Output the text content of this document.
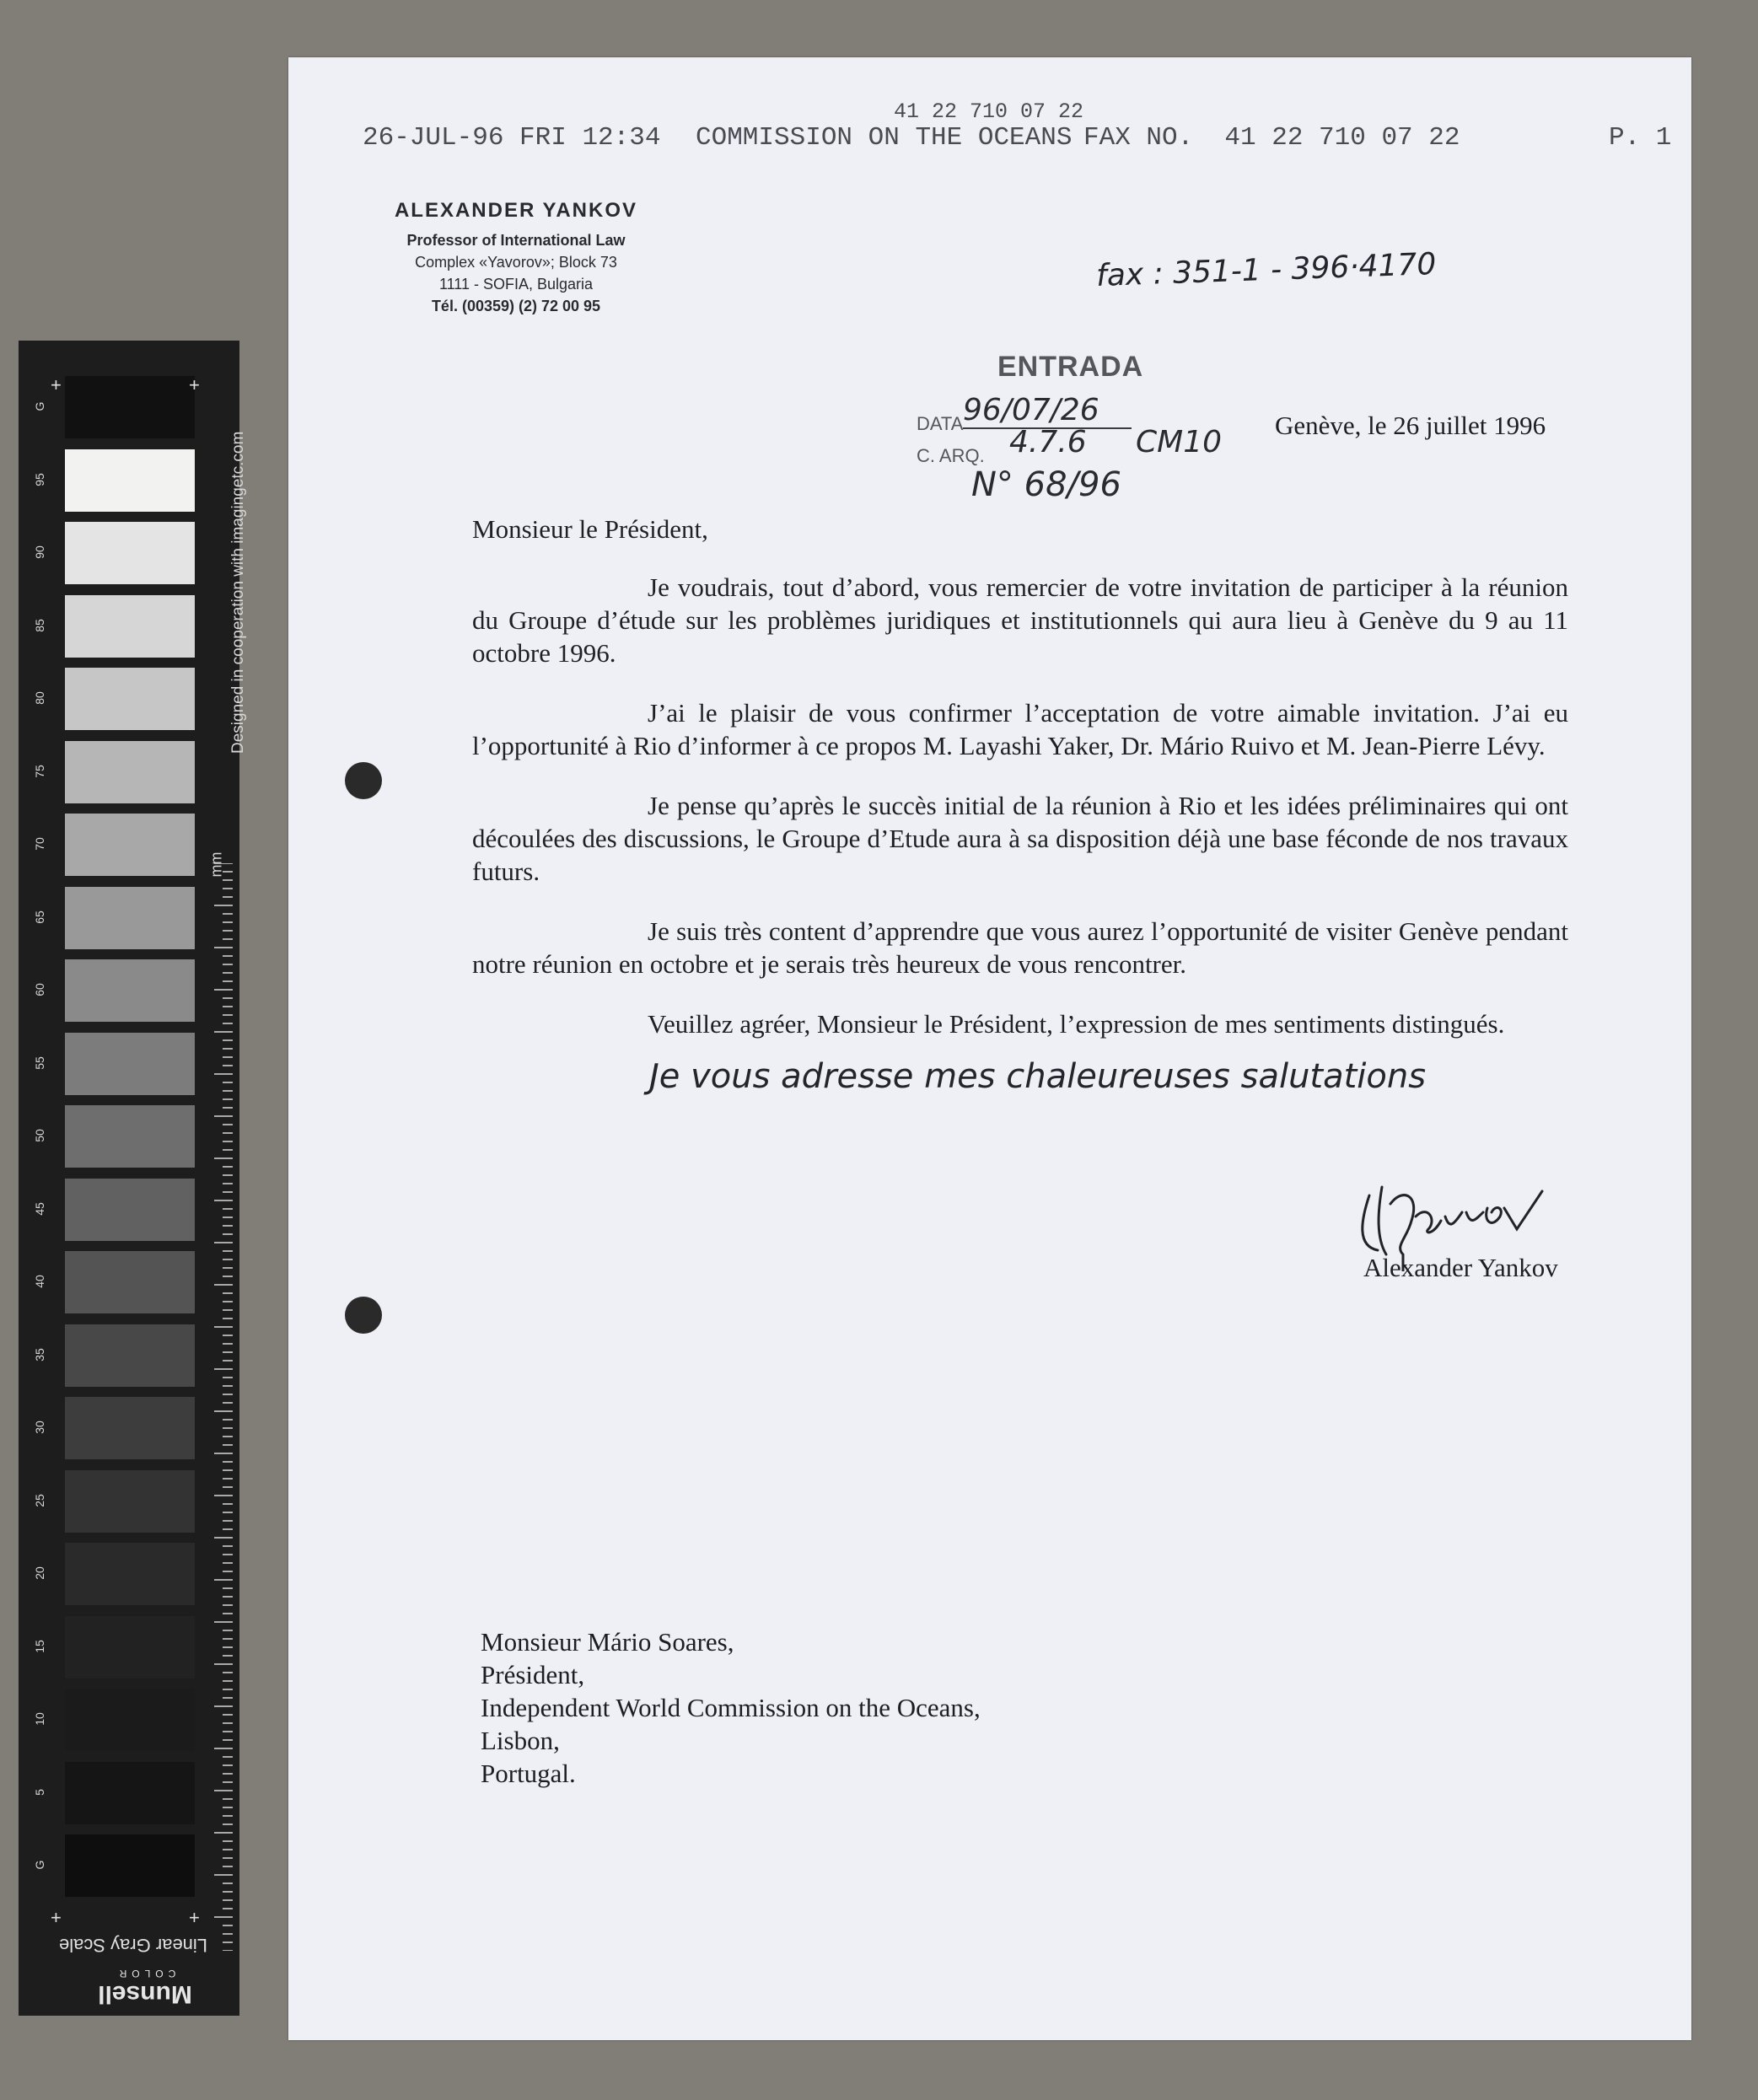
G
95
90
85
80
75
70
65
60
55
50
45
40
35
30
25
20
15
10
5
G
+	+
+	+
Designed in cooperation with imagingetc.com
mm
Linear Gray Scale
Munsell
COLOR
41 22 710 07 22
26-JUL-96 FRI 12:34 COMMISSION ON THE OCEANS FAX NO.  41 22 710 07 22	P. 1
ALEXANDER YANKOV
Professor of International Law
Complex «Yavorov»; Block 73
1111 - SOFIA, Bulgaria
Tél. (00359) (2) 72 00 95
fax : 351-1 - 396·4170
ENTRADA
DATA
C. ARQ.
96/07/26
4.7.6	CM10
N° 68/96
Genève, le 26 juillet 1996

Monsieur le Président,

Je voudrais, tout d’abord, vous remercier de votre invitation de participer à la réunion du Groupe d’étude sur les problèmes juridiques et institutionnels qui aura lieu à Genève du 9 au 11 octobre 1996.

J’ai le plaisir de vous confirmer l’acceptation de votre aimable invitation. J’ai eu l’opportunité à Rio d’informer à ce propos M. Layashi Yaker, Dr. Mário Ruivo et M. Jean-Pierre Lévy.

Je pense qu’après le succès initial de la réunion à Rio et les idées préliminaires qui ont découlées des discussions, le Groupe d’Etude aura à sa disposition déjà une base féconde de nos travaux futurs.

Je suis très content d’apprendre que vous aurez l’opportunité de visiter Genève pendant notre réunion en octobre et je serais très heureux de vous rencontrer.

Veuillez agréer, Monsieur le Président, l’expression de mes sentiments distingués.

Je vous adresse mes chaleureuses salutations
Alexander Yankov
Monsieur Mário Soares,
Président,
Independent World Commission on the Oceans,
Lisbon,
Portugal.
